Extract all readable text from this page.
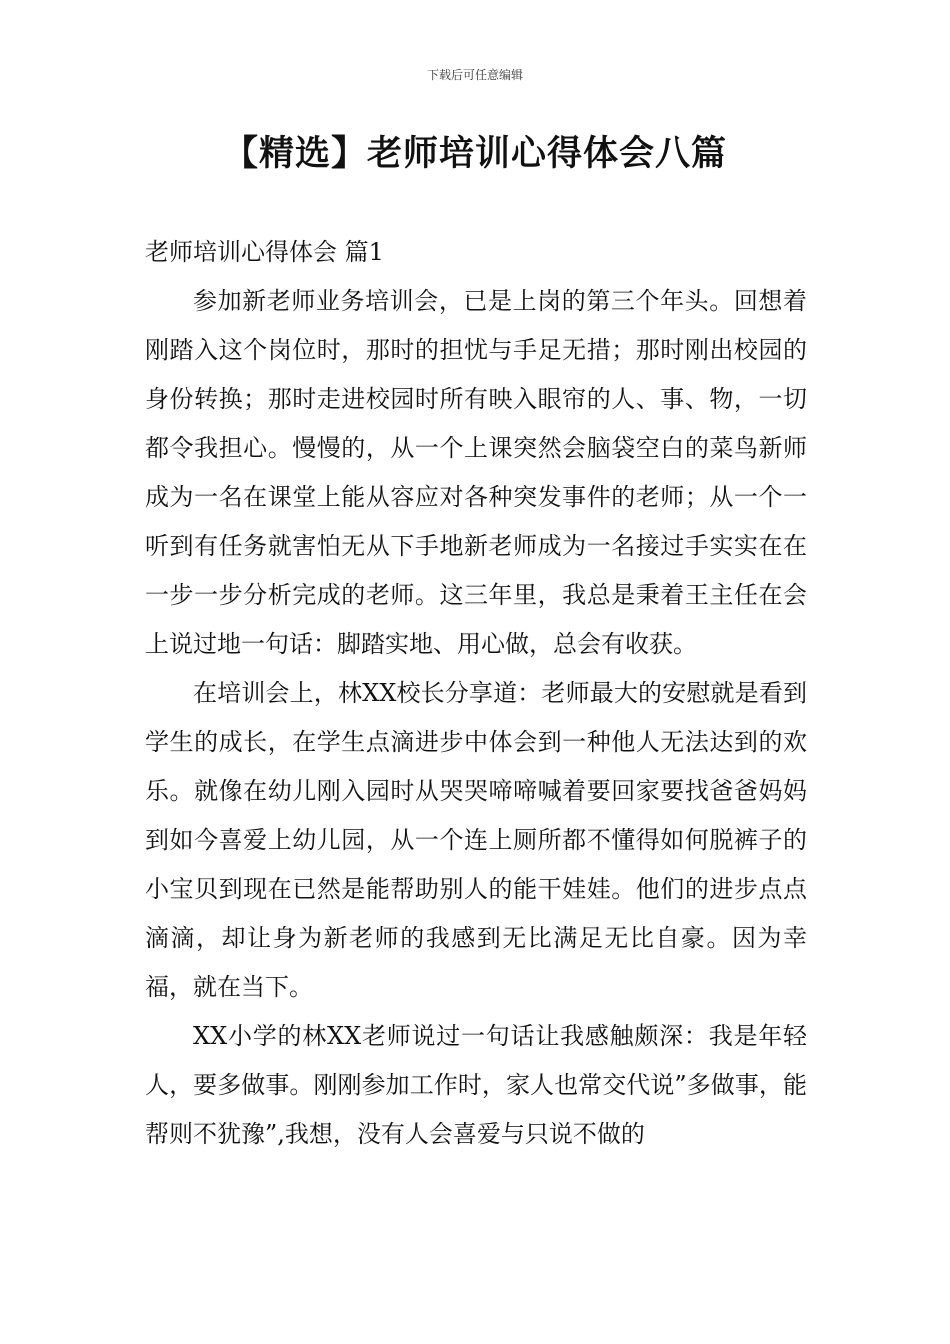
下载后可任意编辑
【精选】老师培训心得体会八篇

老师培训心得体会 篇1

参加新老师业务培训会，已是上岗的第三个年头。回想着刚踏入这个岗位时，那时的担忧与手足无措；那时刚出校园的身份转换；那时走进校园时所有映入眼帘的人、事、物，一切都令我担心。慢慢的，从一个上课突然会脑袋空白的菜鸟新师成为一名在课堂上能从容应对各种突发事件的老师；从一个一听到有任务就害怕无从下手地新老师成为一名接过手实实在在一步一步分析完成的老师。这三年里，我总是秉着王主任在会上说过地一句话：脚踏实地、用心做，总会有收获。

在培训会上，林XX校长分享道：老师最大的安慰就是看到学生的成长，在学生点滴进步中体会到一种他人无法达到的欢乐。就像在幼儿刚入园时从哭哭啼啼喊着要回家要找爸爸妈妈到如今喜爱上幼儿园，从一个连上厕所都不懂得如何脱裤子的小宝贝到现在已然是能帮助别人的能干娃娃。他们的进步点点滴滴，却让身为新老师的我感到无比满足无比自豪。因为幸福，就在当下。

XX小学的林XX老师说过一句话让我感触颇深：我是年轻人，要多做事。刚刚参加工作时，家人也常交代说”多做事，能帮则不犹豫”,我想，没有人会喜爱与只说不做的
